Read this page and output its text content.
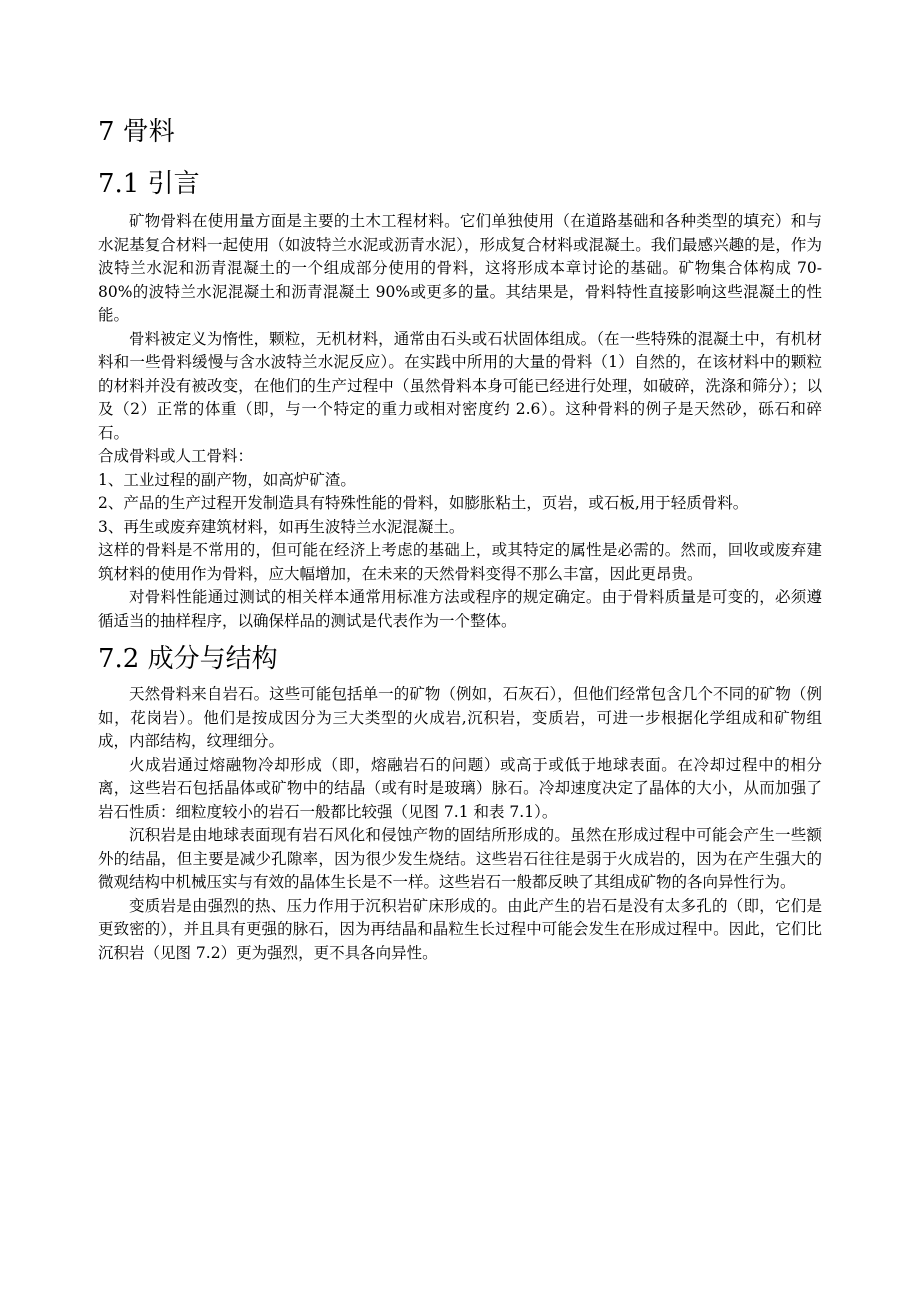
7 骨料
7.1 引言

矿物骨料在使用量方面是主要的土木工程材料。它们单独使用（在道路基础和各种类型的填充）和与水泥基复合材料一起使用（如波特兰水泥或沥青水泥），形成复合材料或混凝土。我们最感兴趣的是，作为波特兰水泥和沥青混凝土的一个组成部分使用的骨料，这将形成本章讨论的基础。矿物集合体构成 70-80%的波特兰水泥混凝土和沥青混凝土 90%或更多的量。其结果是，骨料特性直接影响这些混凝土的性能。

骨料被定义为惰性，颗粒，无机材料，通常由石头或石状固体组成。（在一些特殊的混凝土中，有机材料和一些骨料缓慢与含水波特兰水泥反应）。在实践中所用的大量的骨料（1）自然的，在该材料中的颗粒的材料并没有被改变，在他们的生产过程中（虽然骨料本身可能已经进行处理，如破碎，洗涤和筛分）；以及（2）正常的体重（即，与一个特定的重力或相对密度约 2.6）。这种骨料的例子是天然砂，砾石和碎石。

合成骨料或人工骨料：

1、工业过程的副产物，如高炉矿渣。

2、产品的生产过程开发制造具有特殊性能的骨料，如膨胀粘土，页岩，或石板,用于轻质骨料。

3、再生或废弃建筑材料，如再生波特兰水泥混凝土。

这样的骨料是不常用的，但可能在经济上考虑的基础上，或其特定的属性是必需的。然而，回收或废弃建筑材料的使用作为骨料，应大幅增加，在未来的天然骨料变得不那么丰富，因此更昂贵。

对骨料性能通过测试的相关样本通常用标准方法或程序的规定确定。由于骨料质量是可变的，必须遵循适当的抽样程序，以确保样品的测试是代表作为一个整体。

7.2 成分与结构

天然骨料来自岩石。这些可能包括单一的矿物（例如，石灰石），但他们经常包含几个不同的矿物（例如，花岗岩）。他们是按成因分为三大类型的火成岩,沉积岩，变质岩，可进一步根据化学组成和矿物组成，内部结构，纹理细分。

火成岩通过熔融物冷却形成（即，熔融岩石的问题）或高于或低于地球表面。在冷却过程中的相分离，这些岩石包括晶体或矿物中的结晶（或有时是玻璃）脉石。冷却速度决定了晶体的大小，从而加强了岩石性质：细粒度较小的岩石一般都比较强（见图 7.1 和表 7.1）。

沉积岩是由地球表面现有岩石风化和侵蚀产物的固结所形成的。虽然在形成过程中可能会产生一些额外的结晶，但主要是减少孔隙率，因为很少发生烧结。这些岩石往往是弱于火成岩的，因为在产生强大的微观结构中机械压实与有效的晶体生长是不一样。这些岩石一般都反映了其组成矿物的各向异性行为。

变质岩是由强烈的热、压力作用于沉积岩矿床形成的。由此产生的岩石是没有太多孔的（即，它们是更致密的），并且具有更强的脉石，因为再结晶和晶粒生长过程中可能会发生在形成过程中。因此，它们比沉积岩（见图 7.2）更为强烈，更不具各向异性。
